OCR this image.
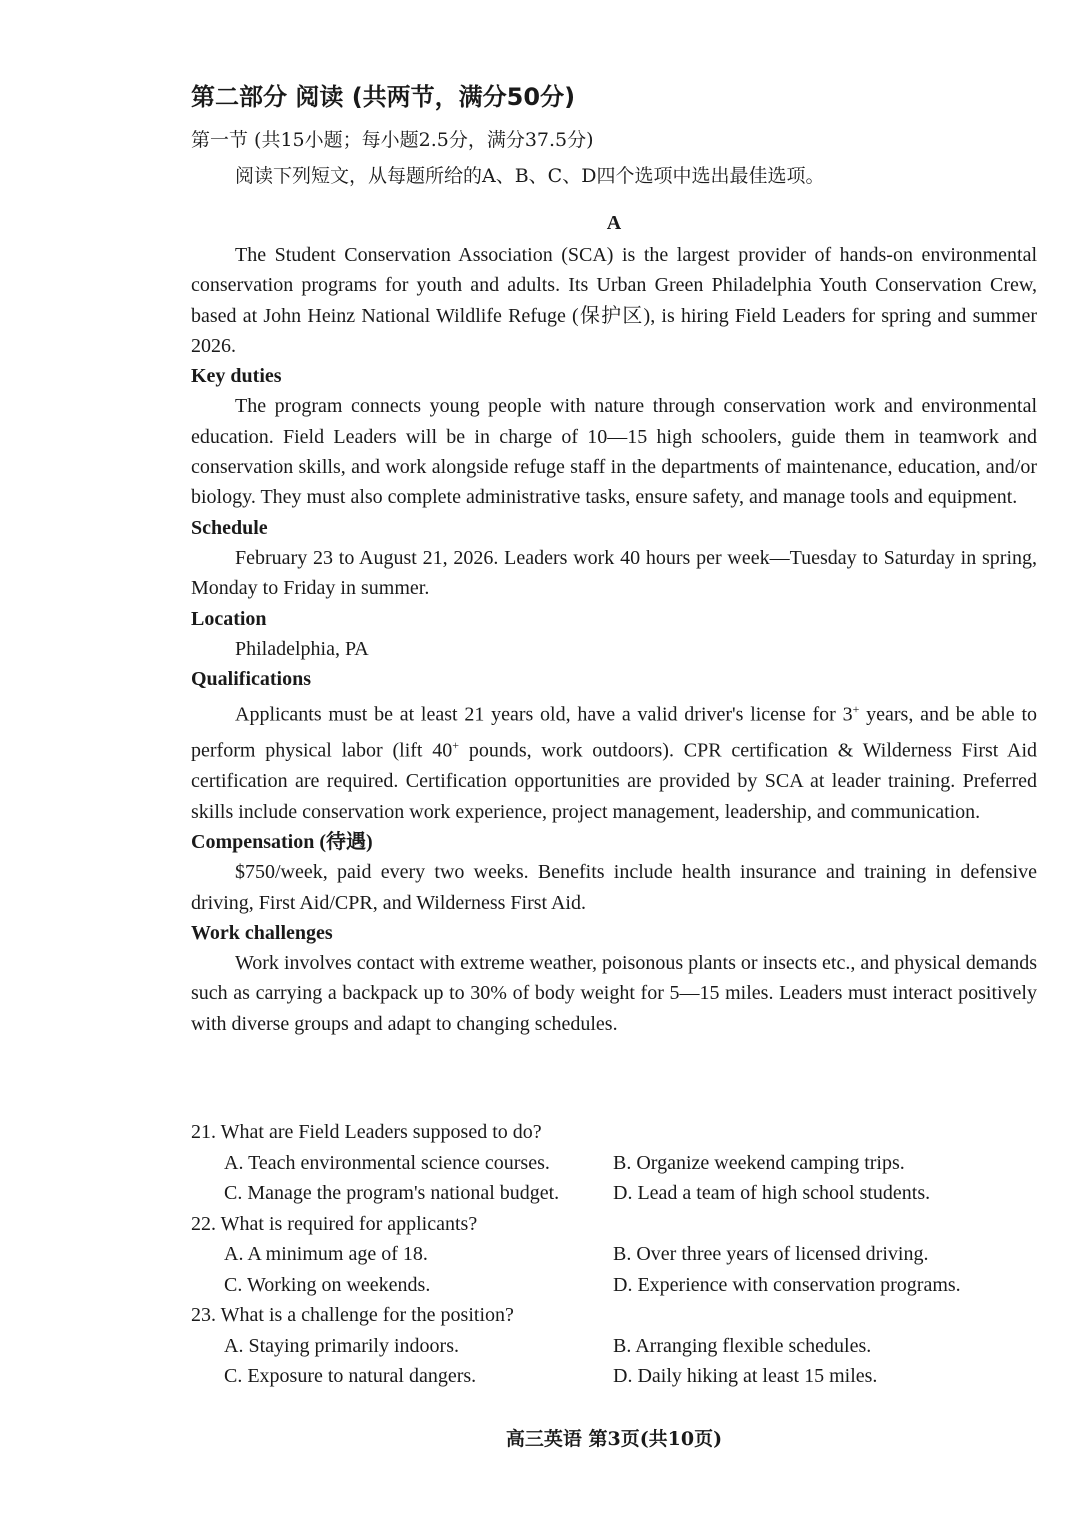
第二部分 阅读 (共两节，满分50分)
第一节 (共15小题；每小题2.5分，满分37.5分)
阅读下列短文，从每题所给的A、B、C、D四个选项中选出最佳选项。
A

The Student Conservation Association (SCA) is the largest provider of hands-on environmental conservation programs for youth and adults. Its Urban Green Philadelphia Youth Conservation Crew, based at John Heinz National Wildlife Refuge (保护区), is hiring Field Leaders for spring and summer 2026.

Key duties

The program connects young people with nature through conservation work and environmental education. Field Leaders will be in charge of 10—15 high schoolers, guide them in teamwork and conservation skills, and work alongside refuge staff in the departments of maintenance, education, and/or biology. They must also complete administrative tasks, ensure safety, and manage tools and equipment.

Schedule

February 23 to August 21, 2026. Leaders work 40 hours per week—Tuesday to Saturday in spring, Monday to Friday in summer.

Location

Philadelphia, PA

Qualifications

Applicants must be at least 21 years old, have a valid driver's license for 3+ years, and be able to perform physical labor (lift 40+ pounds, work outdoors). CPR certification & Wilderness First Aid certification are required. Certification opportunities are provided by SCA at leader training. Preferred skills include conservation work experience, project management, leadership, and communication.

Compensation (待遇)

$750/week, paid every two weeks. Benefits include health insurance and training in defensive driving, First Aid/CPR, and Wilderness First Aid.

Work challenges

Work involves contact with extreme weather, poisonous plants or insects etc., and physical demands such as carrying a backpack up to 30% of body weight for 5—15 miles. Leaders must interact positively with diverse groups and adapt to changing schedules.

21. What are Field Leaders supposed to do?

A. Teach environmental science courses.	B. Organize weekend camping trips.
C. Manage the program's national budget.	D. Lead a team of high school students.

22. What is required for applicants?

A. A minimum age of 18.	B. Over three years of licensed driving.
C. Working on weekends.	D. Experience with conservation programs.

23. What is a challenge for the position?

A. Staying primarily indoors.	B. Arranging flexible schedules.
C. Exposure to natural dangers.	D. Daily hiking at least 15 miles.
高三英语 第3页(共10页)
